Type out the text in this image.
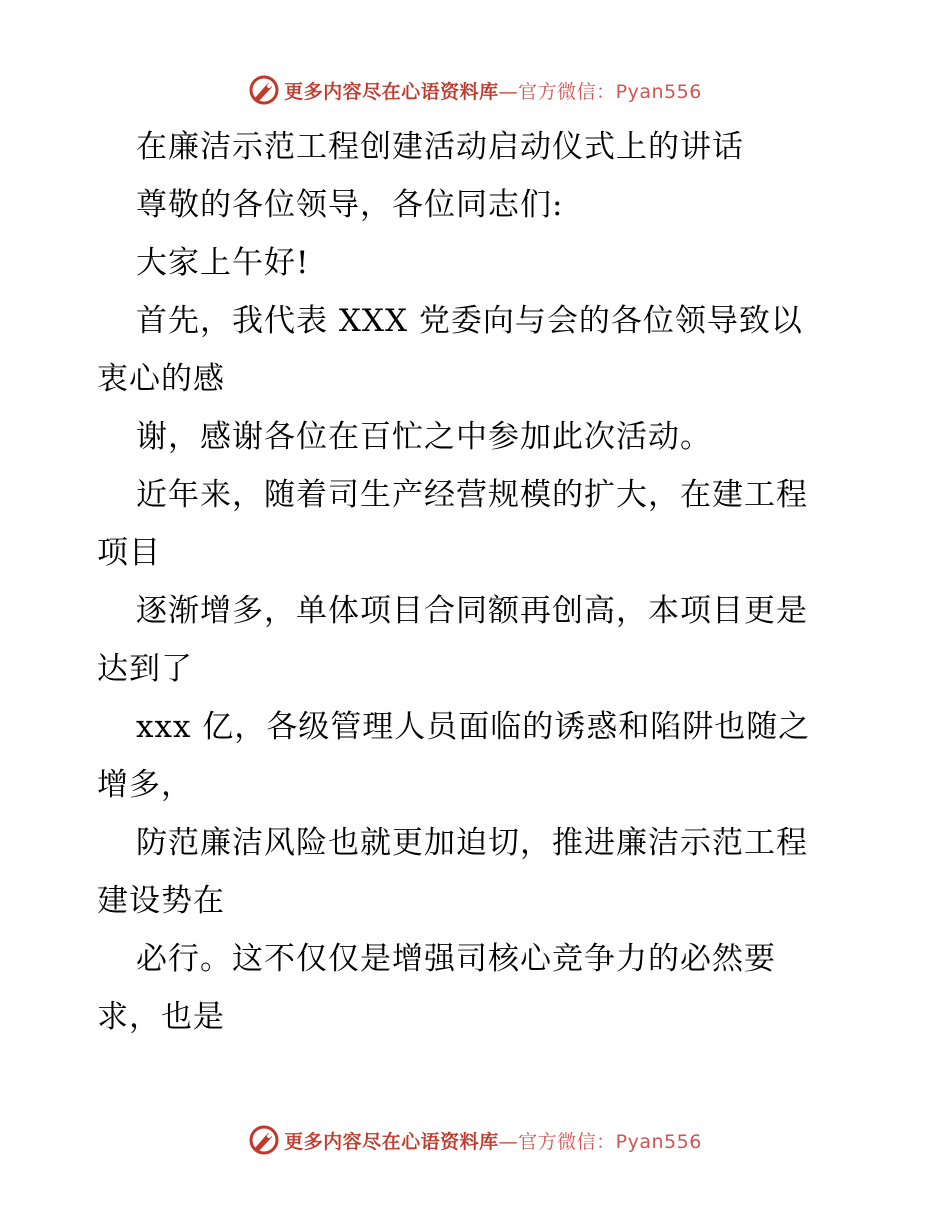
更多内容尽在心语资料库—官方微信：Pyan556
在廉洁示范工程创建活动启动仪式上的讲话
尊敬的各位领导，各位同志们:
大家上午好!
首先，我代表 XXX 党委向与会的各位领导致以
衷心的感
谢，感谢各位在百忙之中参加此次活动。
近年来，随着司生产经营规模的扩大，在建工程
项目
逐渐增多，单体项目合同额再创高，本项目更是
达到了
xxx 亿，各级管理人员面临的诱惑和陷阱也随之
增多，
防范廉洁风险也就更加迫切，推进廉洁示范工程
建设势在
必行。这不仅仅是增强司核心竞争力的必然要
求，也是
更多内容尽在心语资料库—官方微信：Pyan556
